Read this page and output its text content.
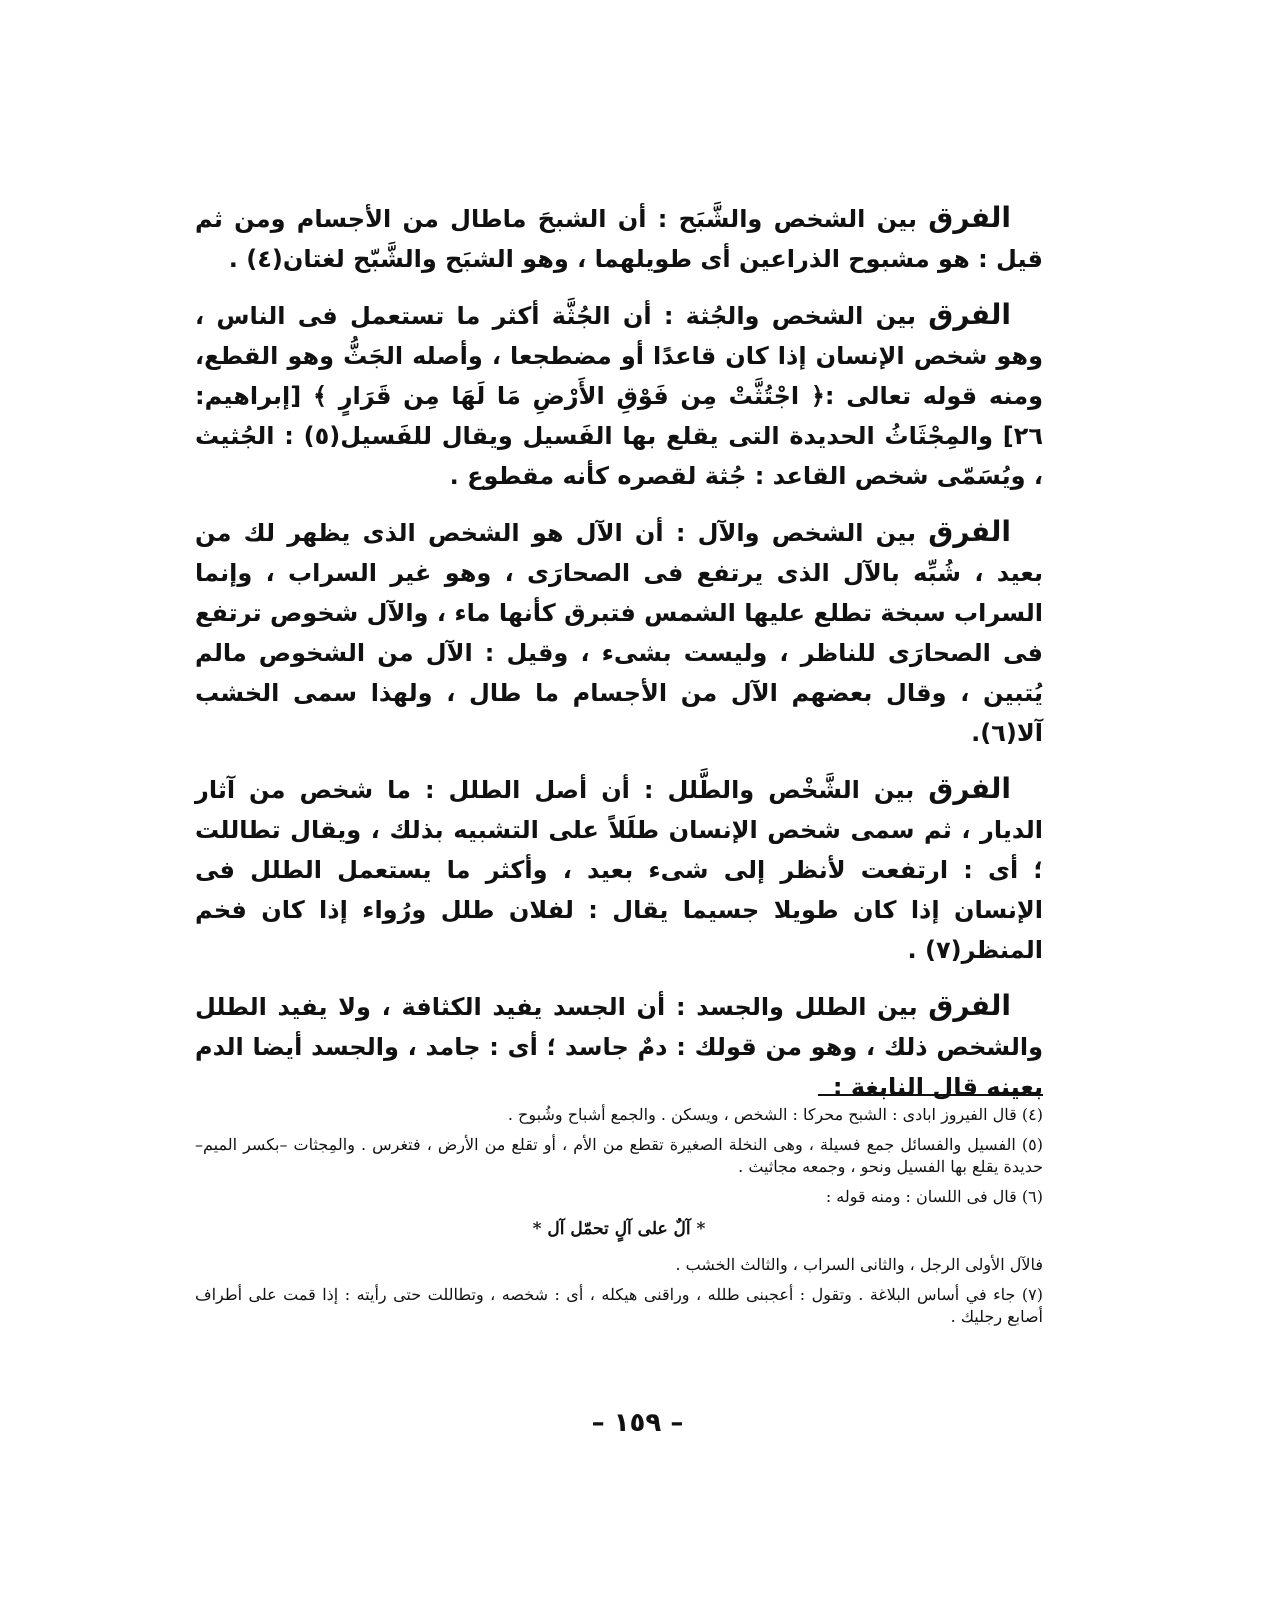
الفرق بين الشخص والشَّبَح : أن الشبحَ ماطال من الأجسام ومن ثم قيل : هو مشبوح الذراعين أى طويلهما ، وهو الشبَح والشَّبّح لغتان(٤) .

الفرق بين الشخص والجُثة : أن الجُثَّة أكثر ما تستعمل فى الناس ، وهو شخص الإنسان إذا كان قاعدًا أو مضطجعا ، وأصله الجَثُّ وهو القطع، ومنه قوله تعالى :﴿ اجْتُثَّتْ مِن فَوْقِ الأَرْضِ مَا لَهَا مِن قَرَارٍ ﴾ [إبراهيم: ٢٦] والمِجْثَاثُ الحديدة التى يقلع بها الفَسيل ويقال للفَسيل(٥) : الجُثيث ، ويُسَمّى شخص القاعد : جُثة لقصره كأنه مقطوع .

الفرق بين الشخص والآل : أن الآل هو الشخص الذى يظهر لك من بعيد ، شُبِّه بالآل الذى يرتفع فى الصحارَى ، وهو غير السراب ، وإنما السراب سبخة تطلع عليها الشمس فتبرق كأنها ماء ، والآل شخوص ترتفع فى الصحارَى للناظر ، وليست بشىء ، وقيل : الآل من الشخوص مالم يُتبين ، وقال بعضهم الآل من الأجسام ما طال ، ولهذا سمى الخشب آلا(٦).

الفرق بين الشَّخْص والطَّلل : أن أصل الطلل : ما شخص من آثار الديار ، ثم سمى شخص الإنسان طلَلاً على التشبيه بذلك ، ويقال تطاللت ؛ أى : ارتفعت لأنظر إلى شىء بعيد ، وأكثر ما يستعمل الطلل فى الإنسان إذا كان طويلا جسيما يقال : لفلان طلل ورُواء إذا كان فخم المنظر(٧) .

الفرق بين الطلل والجسد : أن الجسد يفيد الكثافة ، ولا يفيد الطلل والشخص ذلك ، وهو من قولك : دمٌ جاسد ؛ أى : جامد ، والجسد أيضا الدم بعينه قال النابغة :

(٤) قال الفيروز ابادى : الشبح محركا : الشخص ، ويسكن . والجمع أشباح وشُبوح .

(٥) الفسيل والفسائل جمع فسيلة ، وهى النخلة الصغيرة تقطع من الأم ، أو تقلع من الأرض ، فتغرس . والمِجثات –بكسر الميم– حديدة يقلع بها الفسيل ونحو ، وجمعه مجاثيث .

(٦) قال فى اللسان : ومنه قوله :

* آلٌ على آلٍ تحمّل آل *

فالآل الأولى الرجل ، والثانى السراب ، والثالث الخشب .

(٧) جاء في أساس البلاغة . وتقول : أعجبنى طلله ، وراقنى هيكله ، أى : شخصه ، وتطاللت حتى رأيته : إذا قمت على أطراف أصابع رجليك .

– ١٥٩ –
